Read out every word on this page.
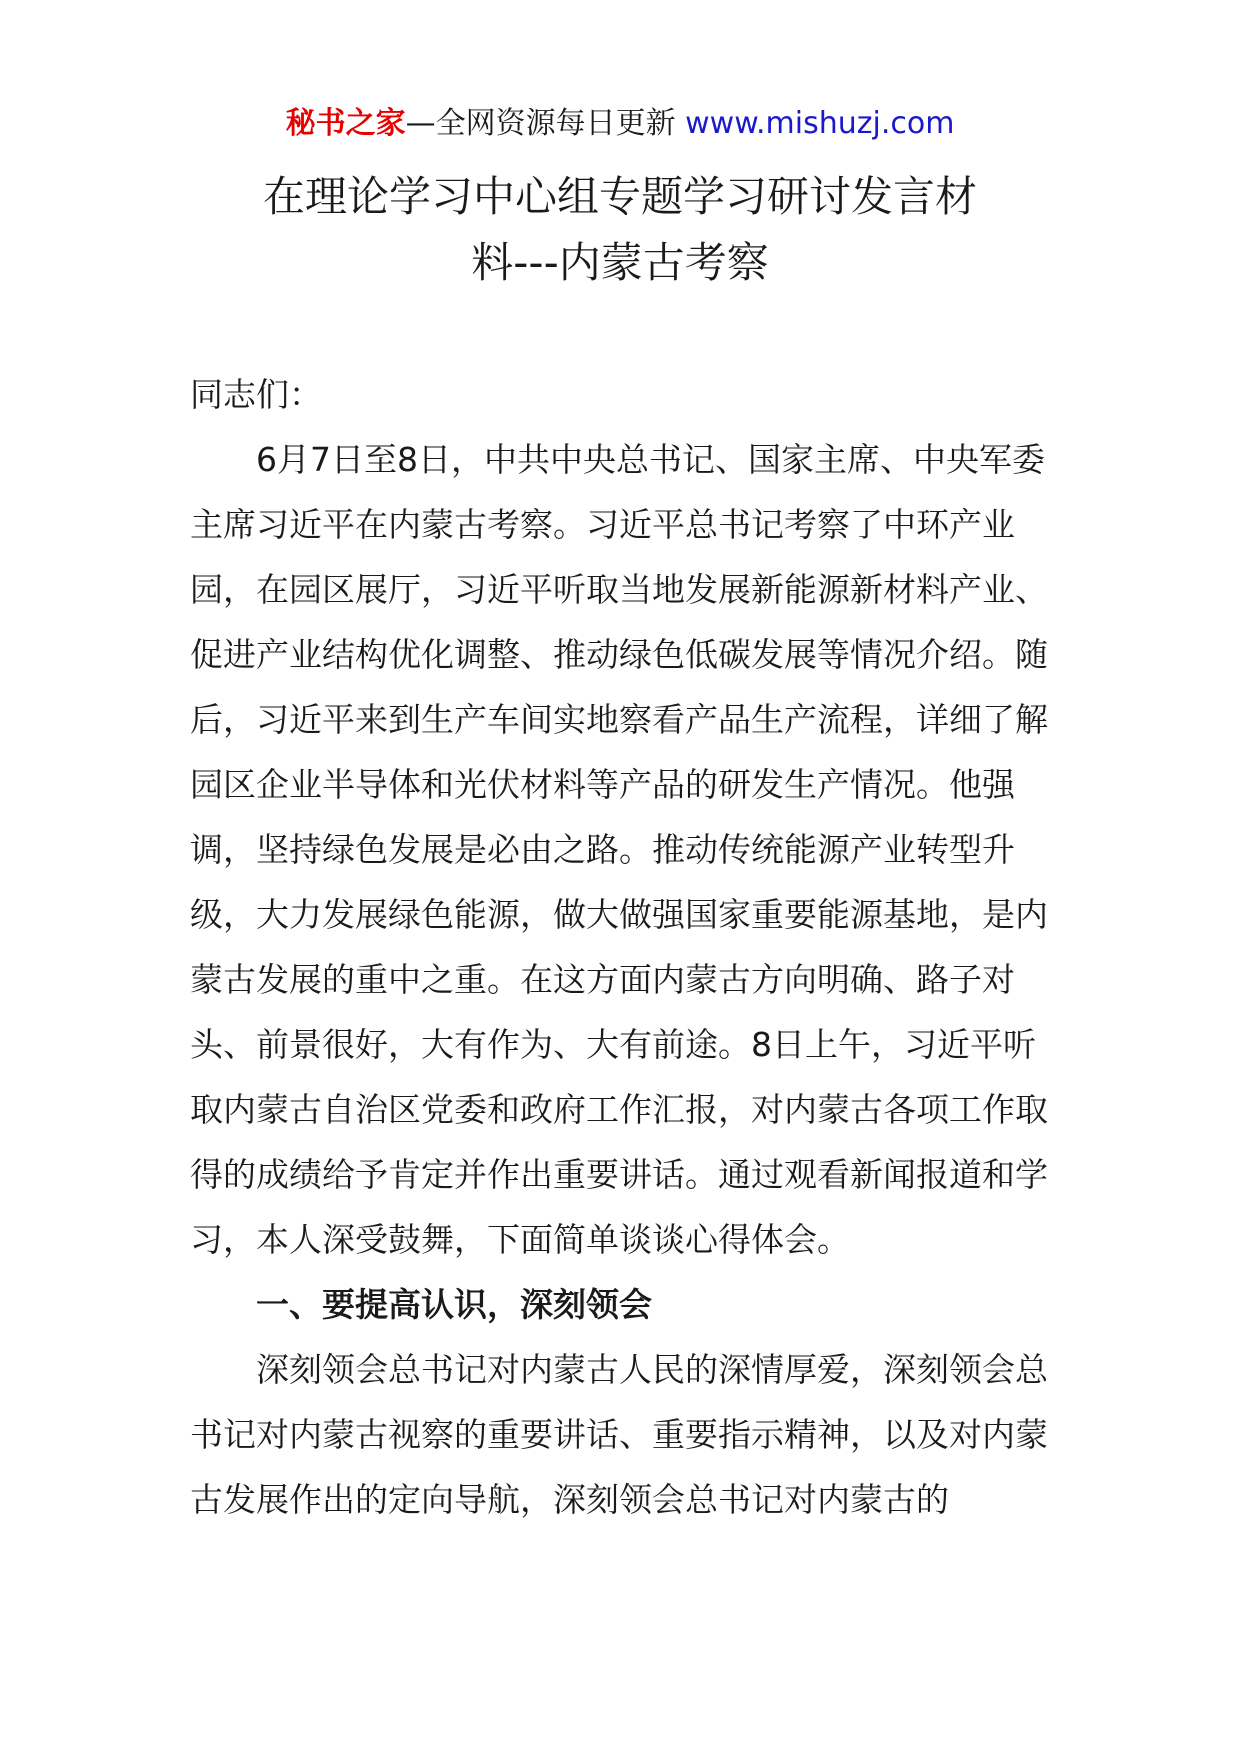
秘书之家—全网资源每日更新 www.mishuzj.com
在理论学习中心组专题学习研讨发言材
料---内蒙古考察

同志们：

6月7日至8日，中共中央总书记、国家主席、中央军委主席习近平在内蒙古考察。习近平总书记考察了中环产业园，在园区展厅，习近平听取当地发展新能源新材料产业、促进产业结构优化调整、推动绿色低碳发展等情况介绍。随后，习近平来到生产车间实地察看产品生产流程，详细了解园区企业半导体和光伏材料等产品的研发生产情况。他强调，坚持绿色发展是必由之路。推动传统能源产业转型升级，大力发展绿色能源，做大做强国家重要能源基地，是内蒙古发展的重中之重。在这方面内蒙古方向明确、路子对头、前景很好，大有作为、大有前途。8日上午，习近平听取内蒙古自治区党委和政府工作汇报，对内蒙古各项工作取得的成绩给予肯定并作出重要讲话。通过观看新闻报道和学习，本人深受鼓舞，下面简单谈谈心得体会。

一、要提高认识，深刻领会

深刻领会总书记对内蒙古人民的深情厚爱，深刻领会总书记对内蒙古视察的重要讲话、重要指示精神，以及对内蒙古发展作出的定向导航，深刻领会总书记对内蒙古的
